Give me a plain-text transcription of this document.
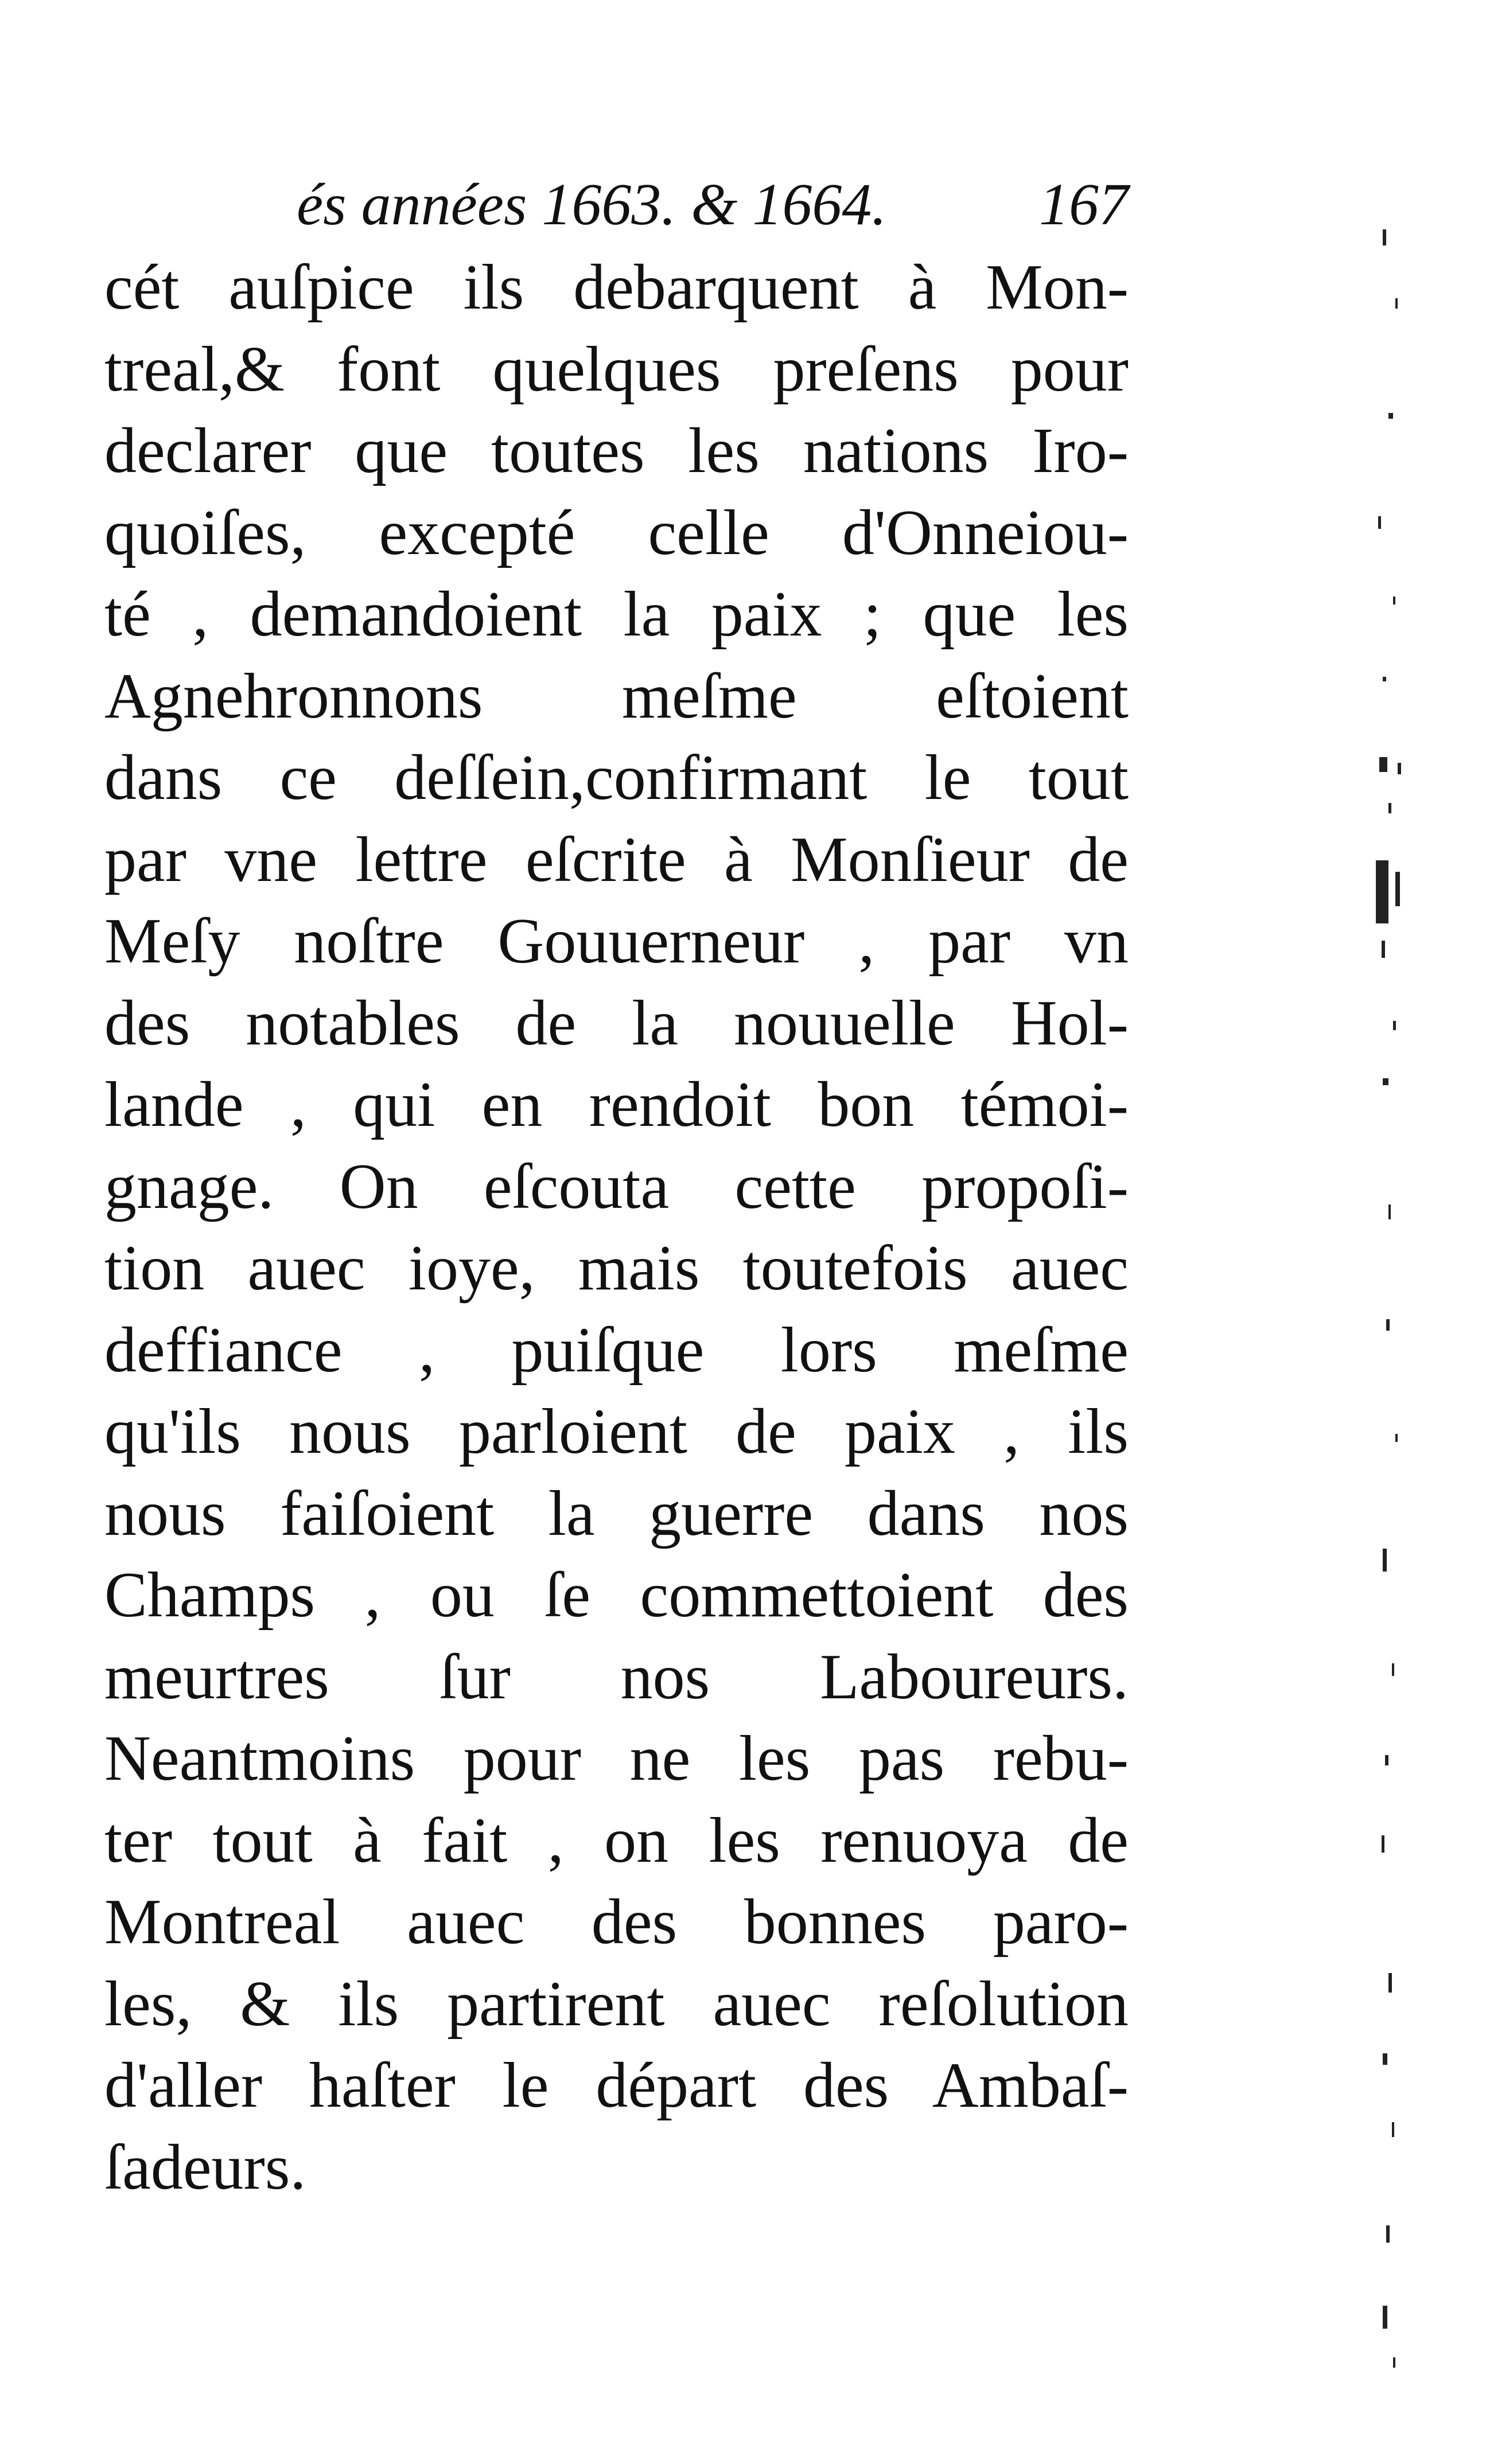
és années 1663. & 1664.	167
cét auſpice ils debarquent à Mon-
treal,& font quelques preſens pour
declarer que toutes les nations Iro-
quoiſes, excepté celle d'Onneiou-
té , demandoient la paix ; que les
Agnehronnons meſme eſtoient
dans ce deſſein,confirmant le tout
par vne lettre eſcrite à Monſieur de
Meſy noſtre Gouuerneur , par vn
des notables de la nouuelle Hol-
lande , qui en rendoit bon témoi-
gnage. On eſcouta cette propoſi-
tion auec ioye, mais toutefois auec
deffiance , puiſque lors meſme
qu'ils nous parloient de paix , ils
nous faiſoient la guerre dans nos
Champs , ou ſe commettoient des
meurtres ſur nos Laboureurs.
Neantmoins pour ne les pas rebu-
ter tout à fait , on les renuoya de
Montreal auec des bonnes paro-
les, & ils partirent auec reſolution
d'aller haſter le départ des Ambaſ-
ſadeurs.
